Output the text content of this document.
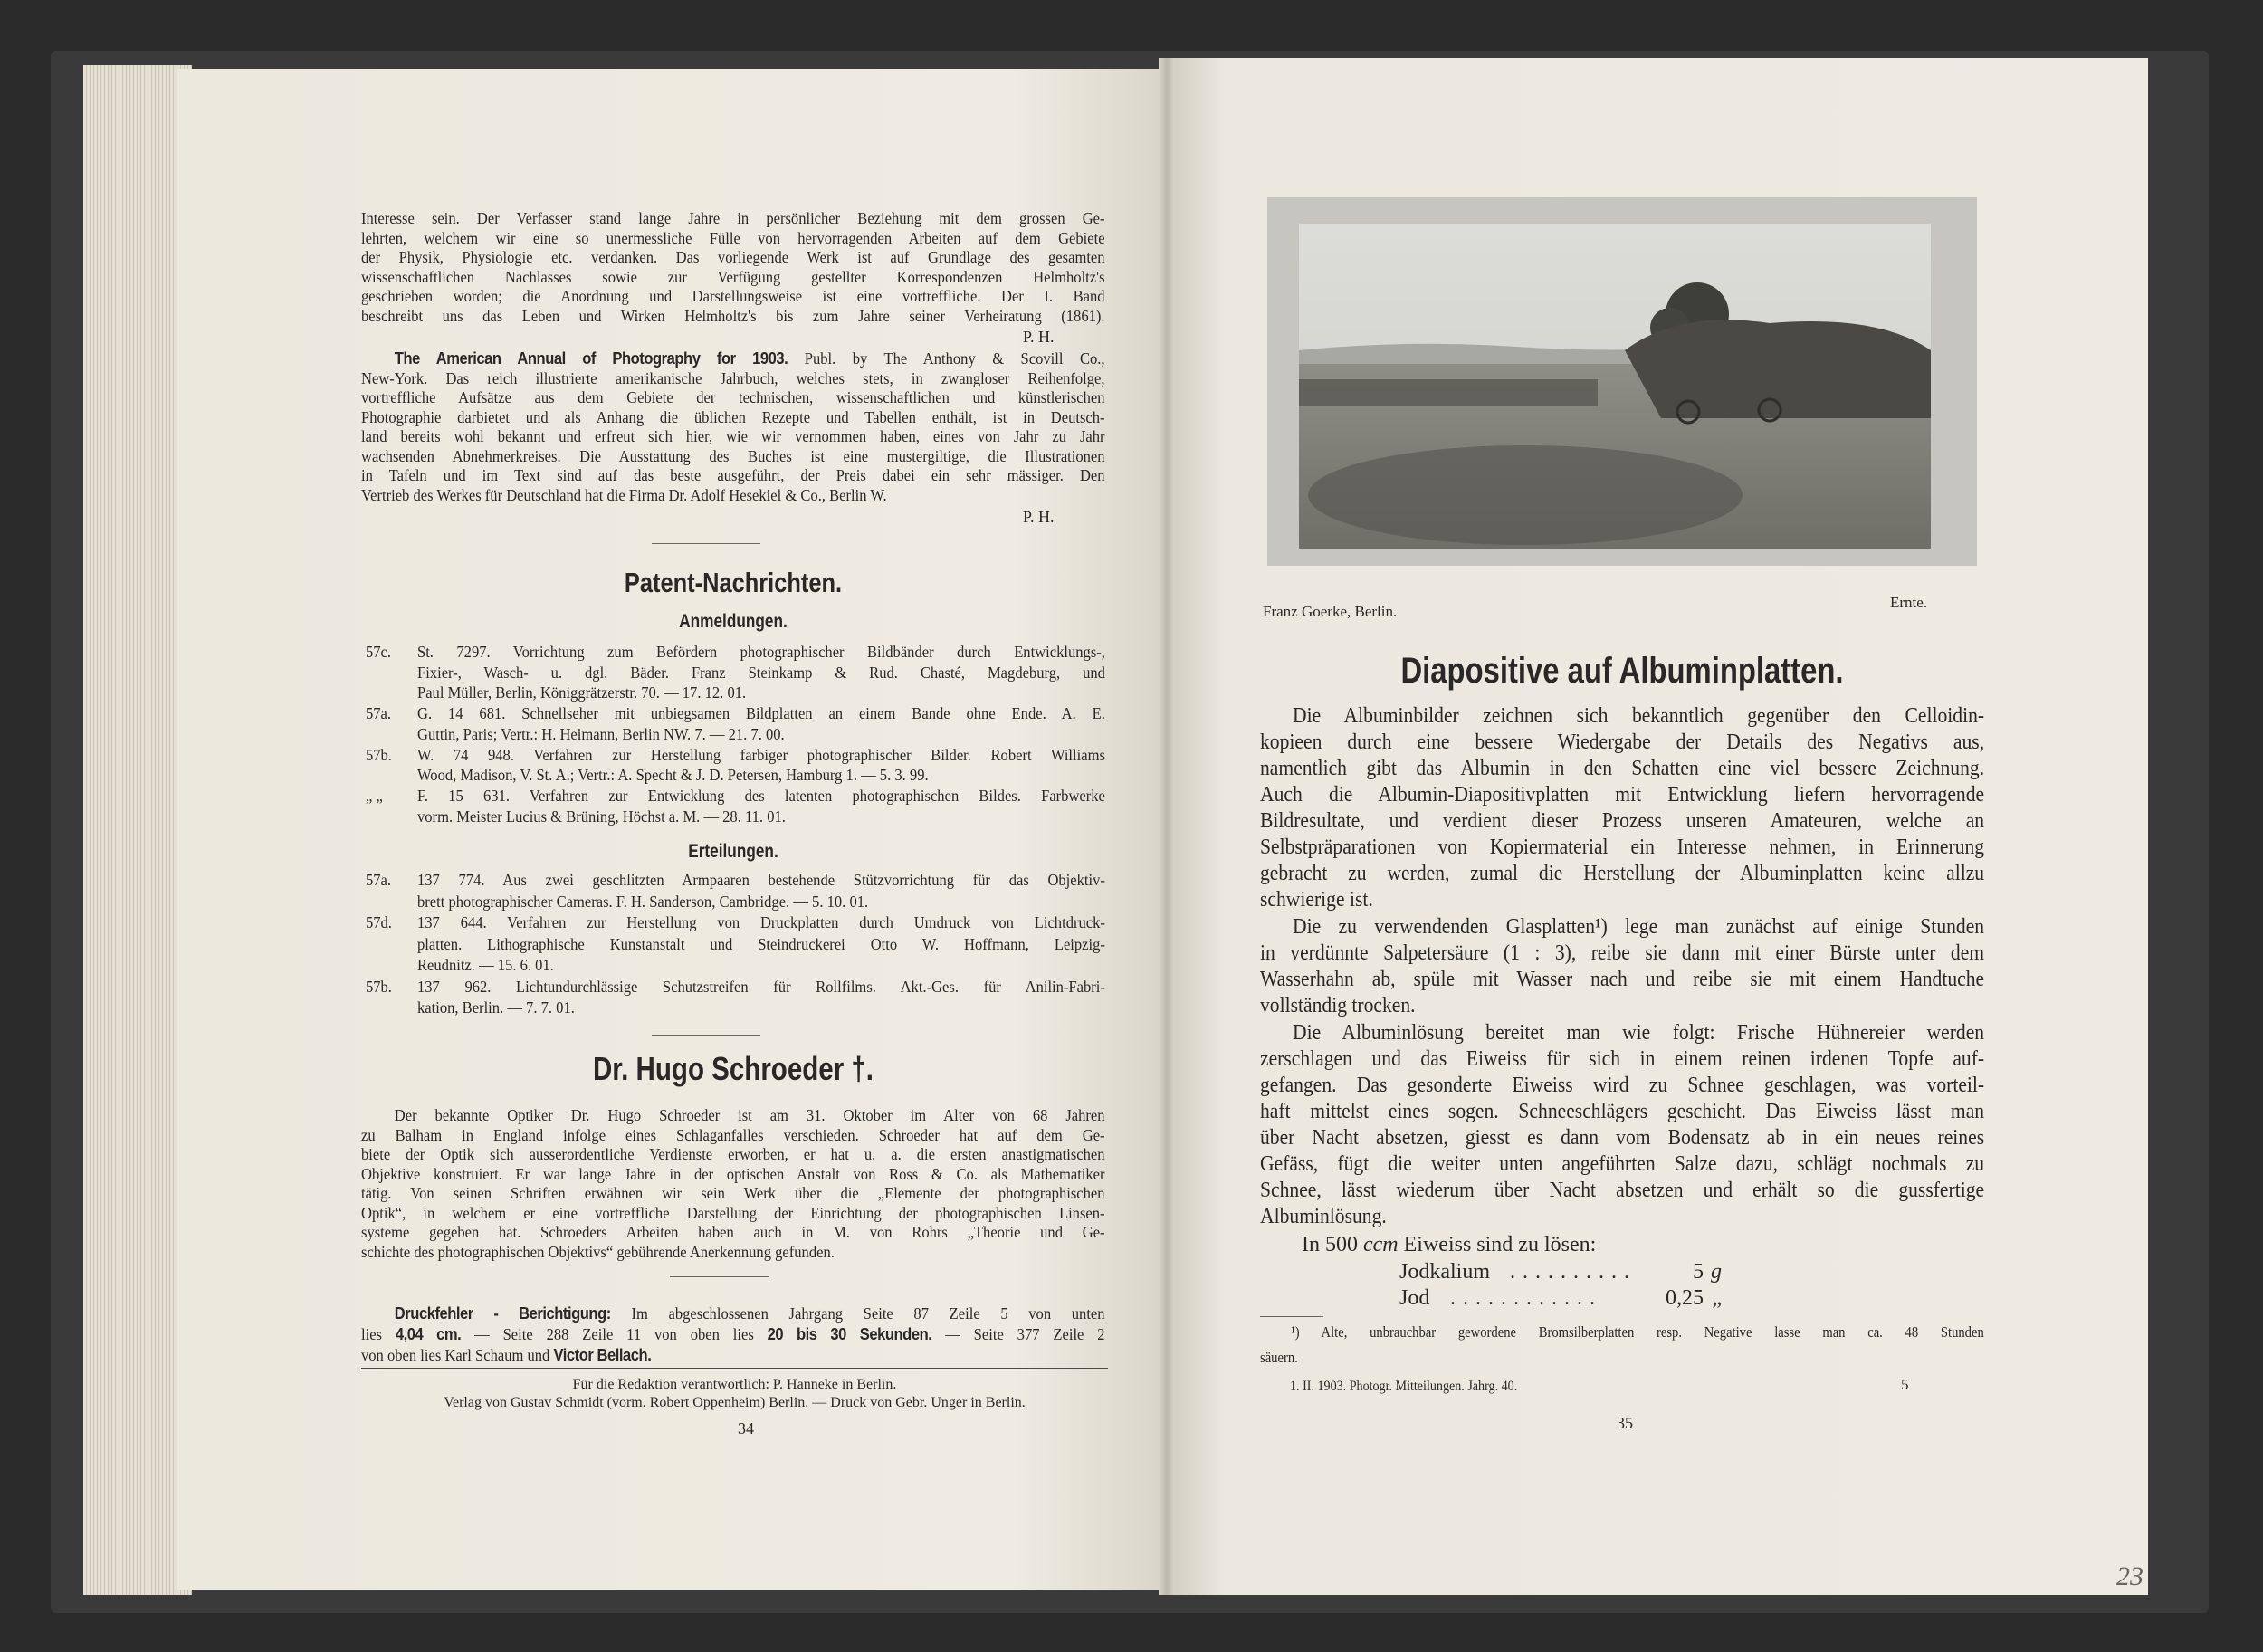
Interesse sein. Der Verfasser stand lange Jahre in persönlicher Beziehung mit dem grossen Ge-
lehrten, welchem wir eine so unermessliche Fülle von hervorragenden Arbeiten auf dem Gebiete
der Physik, Physiologie etc. verdanken. Das vorliegende Werk ist auf Grundlage des gesamten
wissenschaftlichen Nachlasses sowie zur Verfügung gestellter Korrespondenzen Helmholtz's
geschrieben worden; die Anordnung und Darstellungsweise ist eine vortreffliche. Der I. Band
beschreibt uns das Leben und Wirken Helmholtz's bis zum Jahre seiner Verheiratung (1861).
P. H.
The American Annual of Photography for 1903. Publ. by The Anthony & Scovill Co.,
New-York. Das reich illustrierte amerikanische Jahrbuch, welches stets, in zwangloser Reihenfolge,
vortreffliche Aufsätze aus dem Gebiete der technischen, wissenschaftlichen und künstlerischen
Photographie darbietet und als Anhang die üblichen Rezepte und Tabellen enthält, ist in Deutsch-
land bereits wohl bekannt und erfreut sich hier, wie wir vernommen haben, eines von Jahr zu Jahr
wachsenden Abnehmerkreises. Die Ausstattung des Buches ist eine mustergiltige, die Illustrationen
in Tafeln und im Text sind auf das beste ausgeführt, der Preis dabei ein sehr mässiger. Den
Vertrieb des Werkes für Deutschland hat die Firma Dr. Adolf Hesekiel & Co., Berlin W.
P. H.
Patent-Nachrichten.
Anmeldungen.
57c. St. 7297. Vorrichtung zum Befördern photographischer Bildbänder durch Entwicklungs-,
Fixier-, Wasch- u. dgl. Bäder. Franz Steinkamp & Rud. Chasté, Magdeburg, und
Paul Müller, Berlin, Königgrätzerstr. 70. — 17. 12. 01.
57a. G. 14 681. Schnellseher mit unbiegsamen Bildplatten an einem Bande ohne Ende. A. E.
Guttin, Paris; Vertr.: H. Heimann, Berlin NW. 7. — 21. 7. 00.
57b. W. 74 948. Verfahren zur Herstellung farbiger photographischer Bilder. Robert Williams
Wood, Madison, V. St. A.; Vertr.: A. Specht & J. D. Petersen, Hamburg 1. — 5. 3. 99.
„ „ F. 15 631. Verfahren zur Entwicklung des latenten photographischen Bildes. Farbwerke
vorm. Meister Lucius & Brüning, Höchst a. M. — 28. 11. 01.
Erteilungen.
57a. 137 774. Aus zwei geschlitzten Armpaaren bestehende Stützvorrichtung für das Objektiv-
brett photographischer Cameras. F. H. Sanderson, Cambridge. — 5. 10. 01.
57d. 137 644. Verfahren zur Herstellung von Druckplatten durch Umdruck von Lichtdruck-
platten. Lithographische Kunstanstalt und Steindruckerei Otto W. Hoffmann, Leipzig-
Reudnitz. — 15. 6. 01.
57b. 137 962. Lichtundurchlässige Schutzstreifen für Rollfilms. Akt.-Ges. für Anilin-Fabri-
kation, Berlin. — 7. 7. 01.
Dr. Hugo Schroeder †.
Der bekannte Optiker Dr. Hugo Schroeder ist am 31. Oktober im Alter von 68 Jahren
zu Balham in England infolge eines Schlaganfalles verschieden. Schroeder hat auf dem Ge-
biete der Optik sich ausserordentliche Verdienste erworben, er hat u. a. die ersten anastigmatischen
Objektive konstruiert. Er war lange Jahre in der optischen Anstalt von Ross & Co. als Mathematiker
tätig. Von seinen Schriften erwähnen wir sein Werk über die „Elemente der photographischen
Optik“, in welchem er eine vortreffliche Darstellung der Einrichtung der photographischen Linsen-
systeme gegeben hat. Schroeders Arbeiten haben auch in M. von Rohrs „Theorie und Ge-
schichte des photographischen Objektivs“ gebührende Anerkennung gefunden.
Druckfehler - Berichtigung: Im abgeschlossenen Jahrgang Seite 87 Zeile 5 von unten
lies 4,04 cm. — Seite 288 Zeile 11 von oben lies 20 bis 30 Sekunden. — Seite 377 Zeile 2
von oben lies Karl Schaum und Victor Bellach.
Für die Redaktion verantwortlich: P. Hanneke in Berlin.
Verlag von Gustav Schmidt (vorm. Robert Oppenheim) Berlin. — Druck von Gebr. Unger in Berlin.
34
Franz Goerke, Berlin.
Ernte.
Diapositive auf Albuminplatten.
Die Albuminbilder zeichnen sich bekanntlich gegenüber den Celloidin-
kopieen durch eine bessere Wiedergabe der Details des Negativs aus,
namentlich gibt das Albumin in den Schatten eine viel bessere Zeichnung.
Auch die Albumin-Diapositivplatten mit Entwicklung liefern hervorragende
Bildresultate, und verdient dieser Prozess unseren Amateuren, welche an
Selbstpräparationen von Kopiermaterial ein Interesse nehmen, in Erinnerung
gebracht zu werden, zumal die Herstellung der Albuminplatten keine allzu
schwierige ist.
Die zu verwendenden Glasplatten¹) lege man zunächst auf einige Stunden
in verdünnte Salpetersäure (1 : 3), reibe sie dann mit einer Bürste unter dem
Wasserhahn ab, spüle mit Wasser nach und reibe sie mit einem Handtuche
vollständig trocken.
Die Albuminlösung bereitet man wie folgt: Frische Hühnereier werden
zerschlagen und das Eiweiss für sich in einem reinen irdenen Topfe auf-
gefangen. Das gesonderte Eiweiss wird zu Schnee geschlagen, was vorteil-
haft mittelst eines sogen. Schneeschlägers geschieht. Das Eiweiss lässt man
über Nacht absetzen, giesst es dann vom Bodensatz ab in ein neues reines
Gefäss, fügt die weiter unten angeführten Salze dazu, schlägt nochmals zu
Schnee, lässt wiederum über Nacht absetzen und erhält so die gussfertige
Albuminlösung.
In 500 ccm Eiweiss sind zu lösen:
Jodkalium . . . . . . . . . .	5 g
Jod . . . . . . . . . . . .	0,25 „
¹) Alte, unbrauchbar gewordene Bromsilberplatten resp. Negative lasse man ca. 48 Stunden
säuern.
1. II. 1903. Photogr. Mitteilungen. Jahrg. 40.	5
35
23
